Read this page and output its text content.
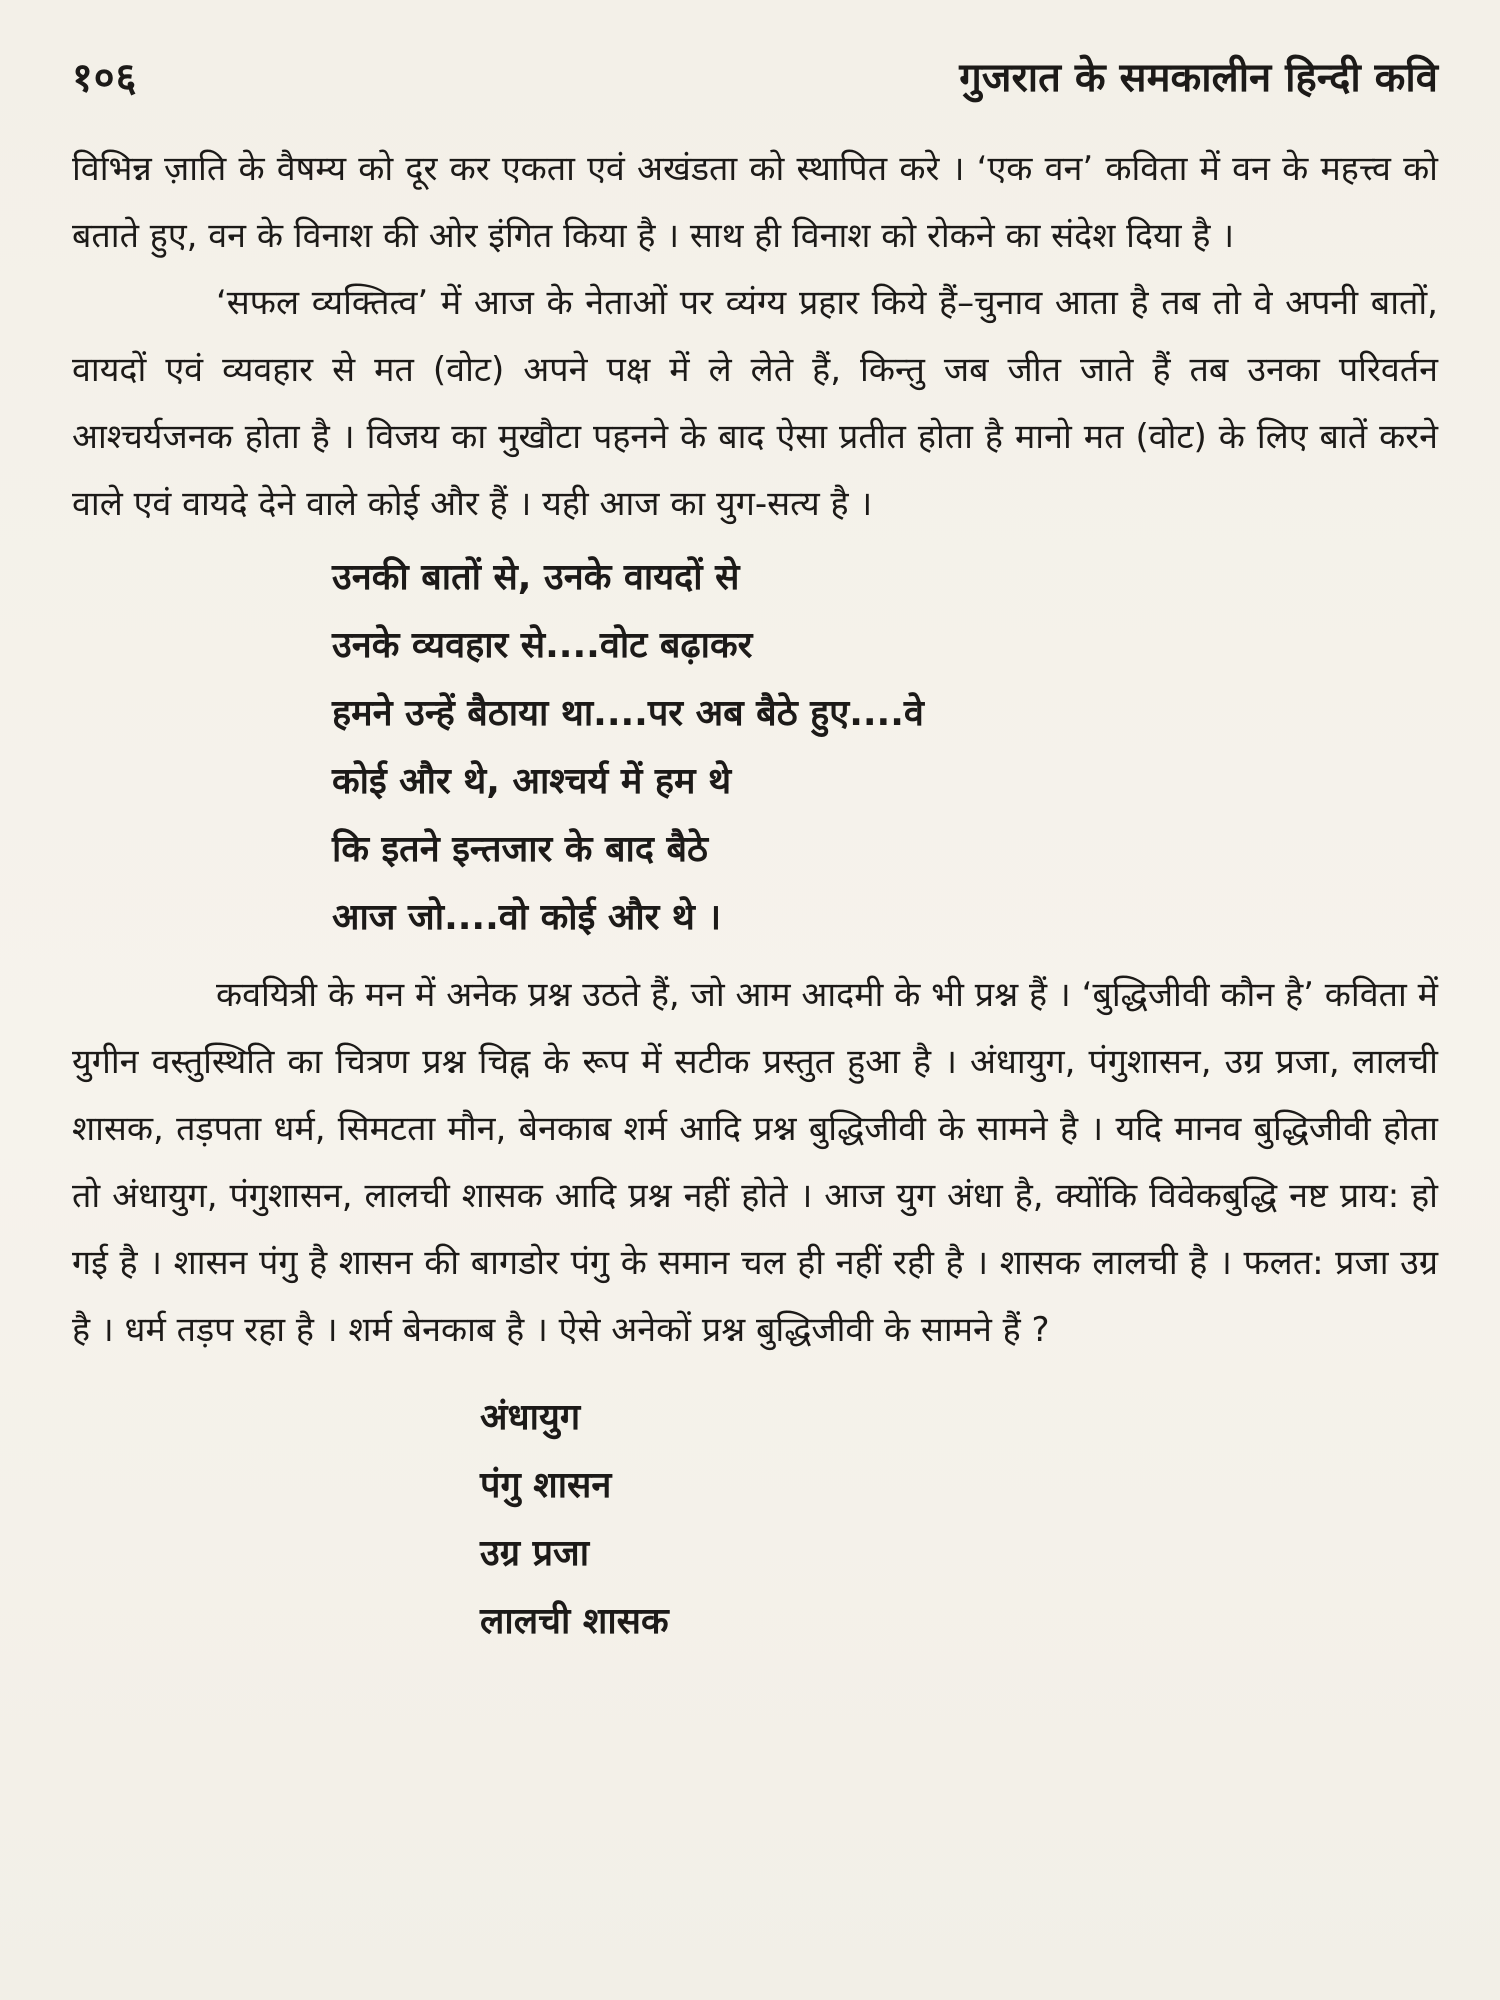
१०६	गुजरात के समकालीन हिन्दी कवि

विभिन्न ज़ाति के वैषम्य को दूर कर एकता एवं अखंडता को स्थापित करे । ‘एक वन’ कविता में वन के महत्त्व को बताते हुए, वन के विनाश की ओर इंगित किया है । साथ ही विनाश को रोकने का संदेश दिया है ।

‘सफल व्यक्तित्व’ में आज के नेताओं पर व्यंग्य प्रहार किये हैं–चुनाव आता है तब तो वे अपनी बातों, वायदों एवं व्यवहार से मत (वोट) अपने पक्ष में ले लेते हैं, किन्तु जब जीत जाते हैं तब उनका परिवर्तन आश्चर्यजनक होता है । विजय का मुखौटा पहनने के बाद ऐसा प्रतीत होता है मानो मत (वोट) के लिए बातें करने वाले एवं वायदे देने वाले कोई और हैं । यही आज का युग-सत्य है ।

उनकी बातों से, उनके वायदों से
उनके व्यवहार से....वोट बढ़ाकर
हमने उन्हें बैठाया था....पर अब बैठे हुए....वे
कोई और थे, आश्चर्य में हम थे
कि इतने इन्तजार के बाद बैठे
आज जो....वो कोई और थे ।

कवयित्री के मन में अनेक प्रश्न उठते हैं, जो आम आदमी के भी प्रश्न हैं । ‘बुद्धिजीवी कौन है’ कविता में युगीन वस्तुस्थिति का चित्रण प्रश्न चिह्न के रूप में सटीक प्रस्तुत हुआ है । अंधायुग, पंगुशासन, उग्र प्रजा, लालची शासक, तड़पता धर्म, सिमटता मौन, बेनकाब शर्म आदि प्रश्न बुद्धिजीवी के सामने है । यदि मानव बुद्धिजीवी होता तो अंधायुग, पंगुशासन, लालची शासक आदि प्रश्न नहीं होते । आज युग अंधा है, क्योंकि विवेकबुद्धि नष्ट प्राय: हो गई है । शासन पंगु है शासन की बागडोर पंगु के समान चल ही नहीं रही है । शासक लालची है । फलत: प्रजा उग्र है । धर्म तड़प रहा है । शर्म बेनकाब है । ऐसे अनेकों प्रश्न बुद्धिजीवी के सामने हैं ?

अंधायुग
पंगु शासन
उग्र प्रजा
लालची शासक
